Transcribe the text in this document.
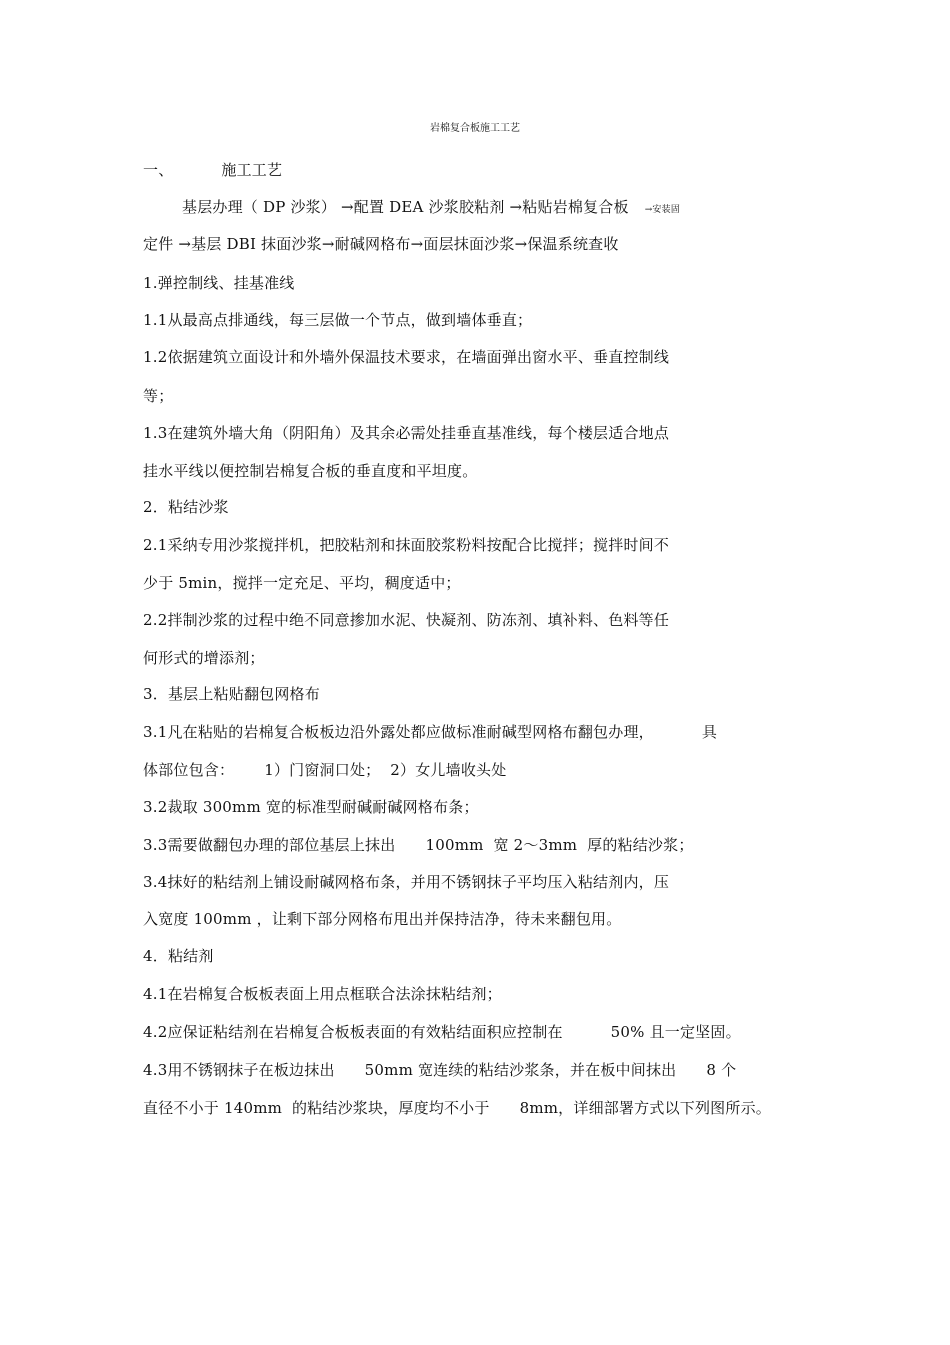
岩棉复合板施工工艺
一、	施工工艺
基层办理（ DP 沙浆） →配置 DEA 沙浆胶粘剂 →粘贴岩棉复合板 →安装固
定件 →基层 DBI 抹面沙浆→耐碱网格布→面层抹面沙浆→保温系统查收
1.弹控制线、挂基准线
1.1从最高点排通线，每三层做一个节点，做到墙体垂直；
1.2依据建筑立面设计和外墙外保温技术要求，在墙面弹出窗水平、垂直控制线
等；
1.3在建筑外墙大角（阴阳角）及其余必需处挂垂直基准线，每个楼层适合地点
挂水平线以便控制岩棉复合板的垂直度和平坦度。
2．粘结沙浆
2.1采纳专用沙浆搅拌机，把胶粘剂和抹面胶浆粉料按配合比搅拌；搅拌时间不
少于 5min，搅拌一定充足、平均，稠度适中；
2.2拌制沙浆的过程中绝不同意掺加水泥、快凝剂、防冻剂、填补料、色料等任
何形式的增添剂；
3．基层上粘贴翻包网格布
3.1凡在粘贴的岩棉复合板板边沿外露处都应做标准耐碱型网格布翻包办理，	具
体部位包含： 1）门窗洞口处；  2）女儿墙收头处
3.2裁取 300mm 宽的标准型耐碱耐碱网格布条；
3.3需要做翻包办理的部位基层上抹出 100mm  宽 2～3mm  厚的粘结沙浆；
3.4抹好的粘结剂上铺设耐碱网格布条，并用不锈钢抹子平均压入粘结剂内，压
入宽度 100mm ，让剩下部分网格布甩出并保持洁净，待未来翻包用。
4．粘结剂
4.1在岩棉复合板板表面上用点框联合法涂抹粘结剂；
4.2应保证粘结剂在岩棉复合板板表面的有效粘结面积应控制在	50% 且一定坚固。
4.3用不锈钢抹子在板边抹出 50mm 宽连续的粘结沙浆条，并在板中间抹出 8 个
直径不小于 140mm  的粘结沙浆块，厚度均不小于 8mm，详细部署方式以下列图所示。
